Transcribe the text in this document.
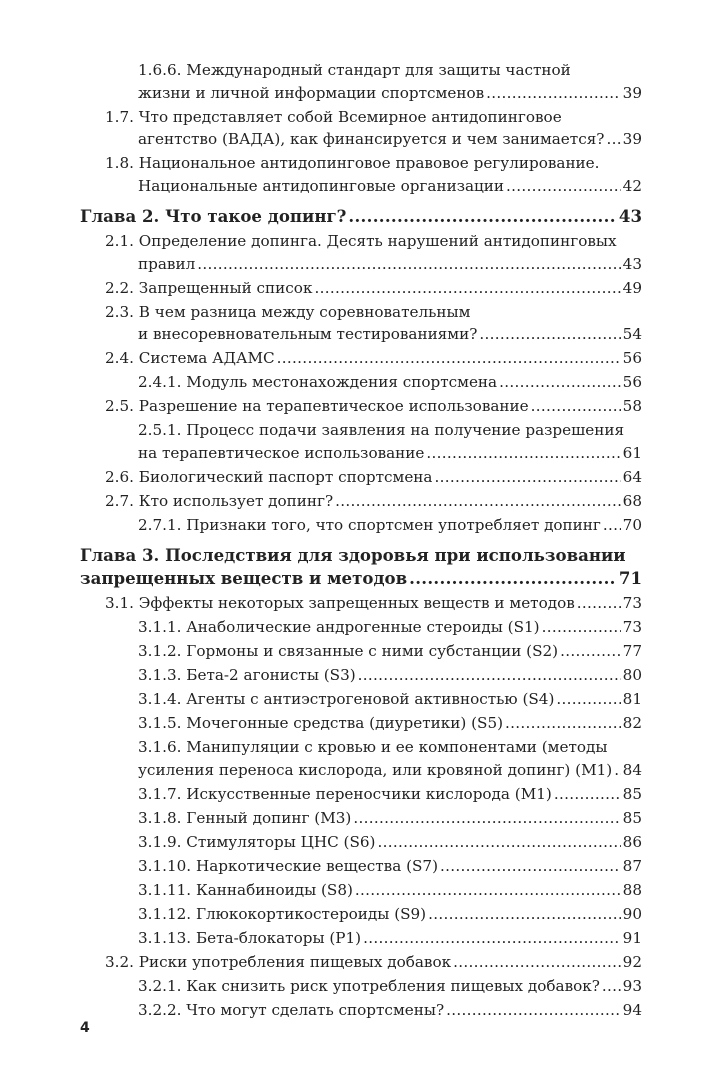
1.6.6. Международный стандарт для защиты частной
жизни и личной информации спортсменов .....	39
1.7. Что представляет собой Всемирное антидопинговое
агентство (ВАДА), как финансируется и чем занимается? ..... 39
1.8. Национальное антидопинговое правовое регулирование.
Национальные антидопинговые организации .....	42
Глава 2. Что такое допинг? .....	43
2.1. Определение допинга. Десять нарушений антидопинговых
правил .....	43
2.2. Запрещенный список .....	49
2.3. В чем разница между соревновательным
и внесоревновательным тестированиями? .....	54
2.4. Система АДАМС .....	56
2.4.1. Модуль местонахождения спортсмена .....	56
2.5. Разрешение на терапевтическое использование .....	58
2.5.1. Процесс подачи заявления на получение разрешения
на терапевтическое использование .....	61
2.6. Биологический паспорт спортсмена .....	64
2.7. Кто использует допинг? .....	68
2.7.1. Признаки того, что спортсмен употребляет допинг ..... 70
Глава 3. Последствия для здоровья при использовании
запрещенных веществ и методов .....	71
3.1. Эффекты некоторых запрещенных веществ и методов .....	73
3.1.1. Анаболические андрогенные стероиды (S1) .....	73
3.1.2. Гормоны и связанные с ними субстанции (S2) .....	77
3.1.3. Бета-2 агонисты (S3) .....	80
3.1.4. Агенты с антиэстрогеновой активностью (S4) .....	81
3.1.5. Мочегонные средства (диуретики) (S5) .....	82
3.1.6. Манипуляции с кровью и ее компонентами (методы
усиления переноса кислорода, или кровяной допинг) (M1) ..... 84
3.1.7. Искусственные переносчики кислорода (M1) .....	85
3.1.8. Генный допинг (M3) .....	85
3.1.9. Стимуляторы ЦНС (S6) .....	86
3.1.10. Наркотические вещества (S7) .....	87
3.1.11. Каннабиноиды (S8) .....	88
3.1.12. Глюкокортикостероиды (S9) .....	90
3.1.13. Бета-блокаторы (P1) .....	91
3.2. Риски употребления пищевых добавок .....	92
3.2.1. Как снизить риск употребления пищевых добавок? ..... 93
3.2.2. Что могут сделать спортсмены? .....	94
4
